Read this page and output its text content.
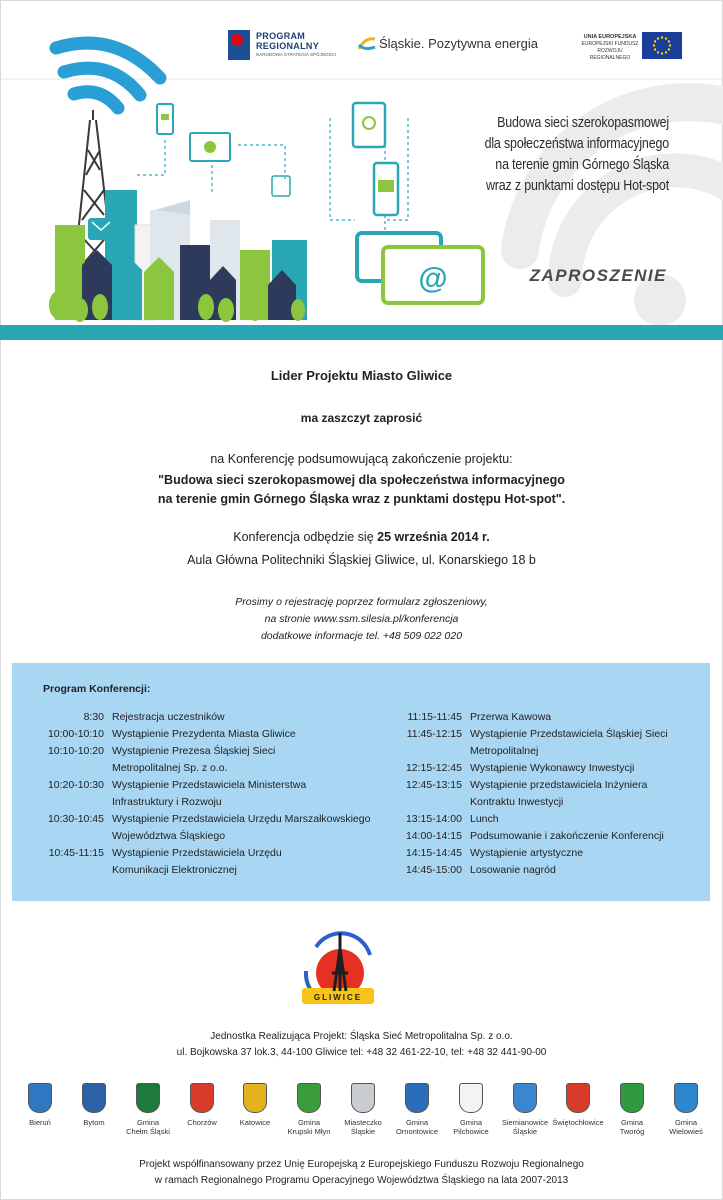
@
PROGRAM
REGIONALNY
NARODOWA STRATEGIA SPÓJNOŚCI
Śląskie. Pozytywna energia	UNIA EUROPEJSKA
EUROPEJSKI FUNDUSZ
ROZWOJU REGIONALNEGO
Budowa sieci szerokopasmowej
dla społeczeństwa informacyjnego
na terenie gmin Górnego Śląska
wraz z punktami dostępu Hot-spot
ZAPROSZENIE
Lider Projektu Miasto Gliwice
ma zaszczyt zaprosić
na Konferencję podsumowującą zakończenie projektu:
"Budowa sieci szerokopasmowej dla społeczeństwa informacyjnego
na terenie gmin Górnego Śląska wraz z punktami dostępu Hot-spot".
Konferencja odbędzie się 25 września 2014 r.
Aula Główna Politechniki Śląskiej Gliwice, ul. Konarskiego 18 b
Prosimy o rejestrację poprzez formularz zgłoszeniowy,
na stronie www.ssm.silesia.pl/konferencja
dodatkowe informacje tel. +48 509 022 020
Program Konferencji:
8:30 Rejestracja uczestników
10:00-10:10 Wystąpienie Prezydenta Miasta Gliwice
10:10-10:20 Wystąpienie Prezesa Śląskiej Sieci
Metropolitalnej Sp. z o.o.
10:20-10:30 Wystąpienie Przedstawiciela Ministerstwa
Infrastruktury i Rozwoju
10:30-10:45 Wystąpienie Przedstawiciela Urzędu Marszałkowskiego
Województwa Śląskiego
10:45-11:15 Wystąpienie Przedstawiciela Urzędu
Komunikacji Elektronicznej
11:15-11:45 Przerwa Kawowa
11:45-12:15 Wystąpienie Przedstawiciela Śląskiej Sieci
Metropolitalnej
12:15-12:45 Wystąpienie Wykonawcy Inwestycji
12:45-13:15 Wystąpienie przedstawiciela Inżyniera
Kontraktu Inwestycji
13:15-14:00 Lunch
14:00-14:15 Podsumowanie i zakończenie Konferencji
14:15-14:45 Wystąpienie artystyczne
14:45-15:00 Losowanie nagród
GLIWICE
Jednostka Realizująca Projekt: Śląska Sieć Metropolitalna Sp. z o.o.
ul. Bojkowska 37 lok.3, 44-100 Gliwice tel: +48 32 461-22-10, tel: +48 32 441-90-00
Bieruń	Bytom	Gmina
Chełm Śląski
Chorzów	Katowice	Gmina
Krupski Młyn
Miasteczko
Śląskie
Gmina
Ornontowice
Gmina
Pilchowice
Siemianowice
Śląskie
Świętochłowice	Gmina
Tworóg
Gmina
Wielowieś
Projekt współfinansowany przez Unię Europejską z Europejskiego Funduszu Rozwoju Regionalnego
w ramach Regionalnego Programu Operacyjnego Województwa Śląskiego na lata 2007-2013
